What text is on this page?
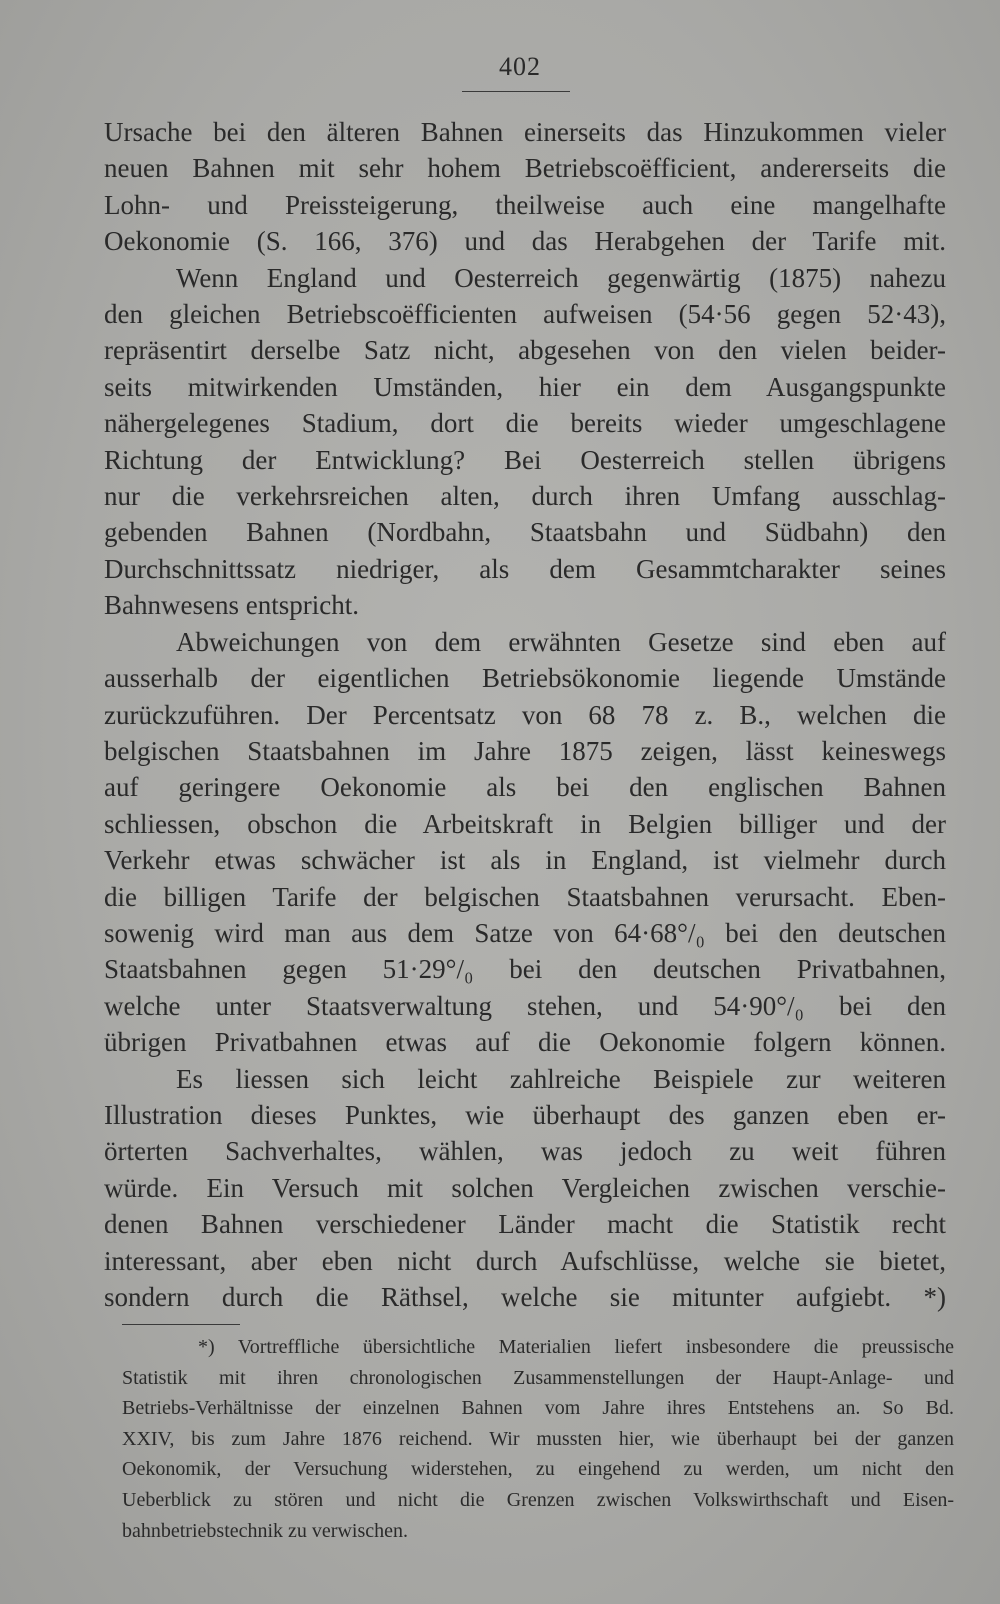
402
Ursache bei den älteren Bahnen einerseits das Hinzukommen vieler
neuen Bahnen mit sehr hohem Betriebscoëfficient, andererseits die
Lohn- und Preissteigerung, theilweise auch eine mangelhafte
Oekonomie (S. 166, 376) und das Herabgehen der Tarife mit.
Wenn England und Oesterreich gegenwärtig (1875) nahezu
den gleichen Betriebscoëfficienten aufweisen (54·56 gegen 52·43),
repräsentirt derselbe Satz nicht, abgesehen von den vielen beider-
seits mitwirkenden Umständen, hier ein dem Ausgangspunkte
nähergelegenes Stadium, dort die bereits wieder umgeschlagene
Richtung der Entwicklung? Bei Oesterreich stellen übrigens
nur die verkehrsreichen alten, durch ihren Umfang ausschlag-
gebenden Bahnen (Nordbahn, Staatsbahn und Südbahn) den
Durchschnittssatz niedriger, als dem Gesammtcharakter seines
Bahnwesens entspricht.
Abweichungen von dem erwähnten Gesetze sind eben auf
ausserhalb der eigentlichen Betriebsökonomie liegende Umstände
zurückzuführen. Der Percentsatz von 68 78 z. B., welchen die
belgischen Staatsbahnen im Jahre 1875 zeigen, lässt keineswegs
auf geringere Oekonomie als bei den englischen Bahnen
schliessen, obschon die Arbeitskraft in Belgien billiger und der
Verkehr etwas schwächer ist als in England, ist vielmehr durch
die billigen Tarife der belgischen Staatsbahnen verursacht. Eben-
sowenig wird man aus dem Satze von 64·68°/₀ bei den deutschen
Staatsbahnen gegen 51·29°/₀ bei den deutschen Privatbahnen,
welche unter Staatsverwaltung stehen, und 54·90°/₀ bei den
übrigen Privatbahnen etwas auf die Oekonomie folgern können.
Es liessen sich leicht zahlreiche Beispiele zur weiteren
Illustration dieses Punktes, wie überhaupt des ganzen eben er-
örterten Sachverhaltes, wählen, was jedoch zu weit führen
würde. Ein Versuch mit solchen Vergleichen zwischen verschie-
denen Bahnen verschiedener Länder macht die Statistik recht
interessant, aber eben nicht durch Aufschlüsse, welche sie bietet,
sondern durch die Räthsel, welche sie mitunter aufgiebt. *)
*) Vortreffliche übersichtliche Materialien liefert insbesondere die preussische
Statistik mit ihren chronologischen Zusammenstellungen der Haupt-Anlage- und
Betriebs-Verhältnisse der einzelnen Bahnen vom Jahre ihres Entstehens an. So Bd.
XXIV, bis zum Jahre 1876 reichend. Wir mussten hier, wie überhaupt bei der ganzen
Oekonomik, der Versuchung widerstehen, zu eingehend zu werden, um nicht den
Ueberblick zu stören und nicht die Grenzen zwischen Volkswirthschaft und Eisen-
bahnbetriebstechnik zu verwischen.
